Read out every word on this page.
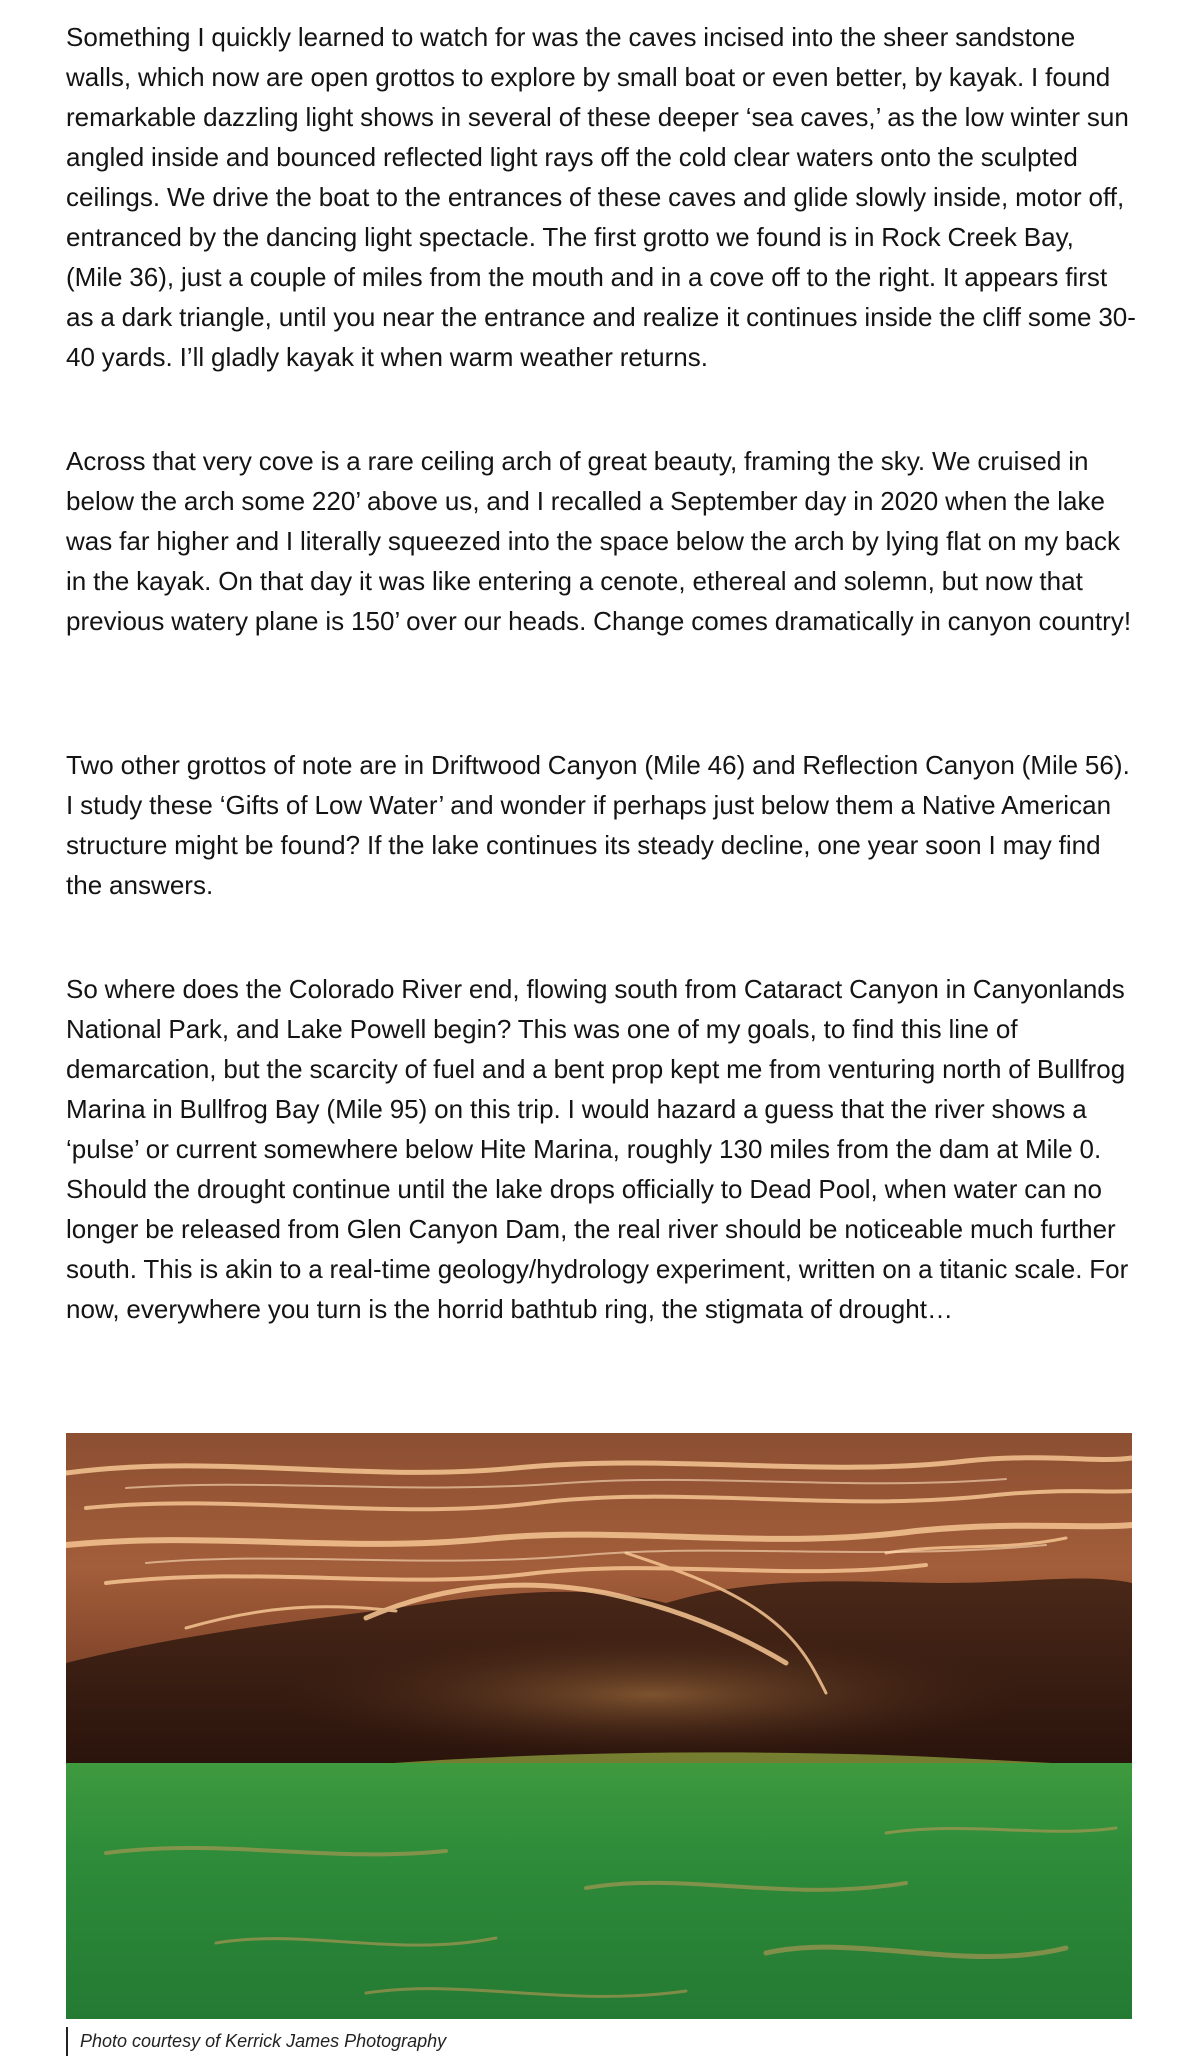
Something I quickly learned to watch for was the caves incised into the sheer sandstone walls, which now are open grottos to explore by small boat or even better, by kayak. I found remarkable dazzling light shows in several of these deeper ‘sea caves,’ as the low winter sun angled inside and bounced reflected light rays off the cold clear waters onto the sculpted ceilings. We drive the boat to the entrances of these caves and glide slowly inside, motor off, entranced by the dancing light spectacle. The first grotto we found is in Rock Creek Bay, (Mile 36), just a couple of miles from the mouth and in a cove off to the right. It appears first as a dark triangle, until you near the entrance and realize it continues inside the cliff some 30-40 yards. I’ll gladly kayak it when warm weather returns.

Across that very cove is a rare ceiling arch of great beauty, framing the sky. We cruised in below the arch some 220’ above us, and I recalled a September day in 2020 when the lake was far higher and I literally squeezed into the space below the arch by lying flat on my back in the kayak. On that day it was like entering a cenote, ethereal and solemn, but now that previous watery plane is 150’ over our heads. Change comes dramatically in canyon country!

Two other grottos of note are in Driftwood Canyon (Mile 46) and Reflection Canyon (Mile 56). I study these ‘Gifts of Low Water’ and wonder if perhaps just below them a Native American structure might be found? If the lake continues its steady decline, one year soon I may find the answers.

So where does the Colorado River end, flowing south from Cataract Canyon in Canyonlands National Park, and Lake Powell begin? This was one of my goals, to find this line of demarcation, but the scarcity of fuel and a bent prop kept me from venturing north of Bullfrog Marina in Bullfrog Bay (Mile 95) on this trip. I would hazard a guess that the river shows a ‘pulse’ or current somewhere below Hite Marina, roughly 130 miles from the dam at Mile 0. Should the drought continue until the lake drops officially to Dead Pool, when water can no longer be released from Glen Canyon Dam, the real river should be noticeable much further south. This is akin to a real-time geology/hydrology experiment, written on a titanic scale. For now, everywhere you turn is the horrid bathtub ring, the stigmata of drought…

Photo courtesy of Kerrick James Photography
